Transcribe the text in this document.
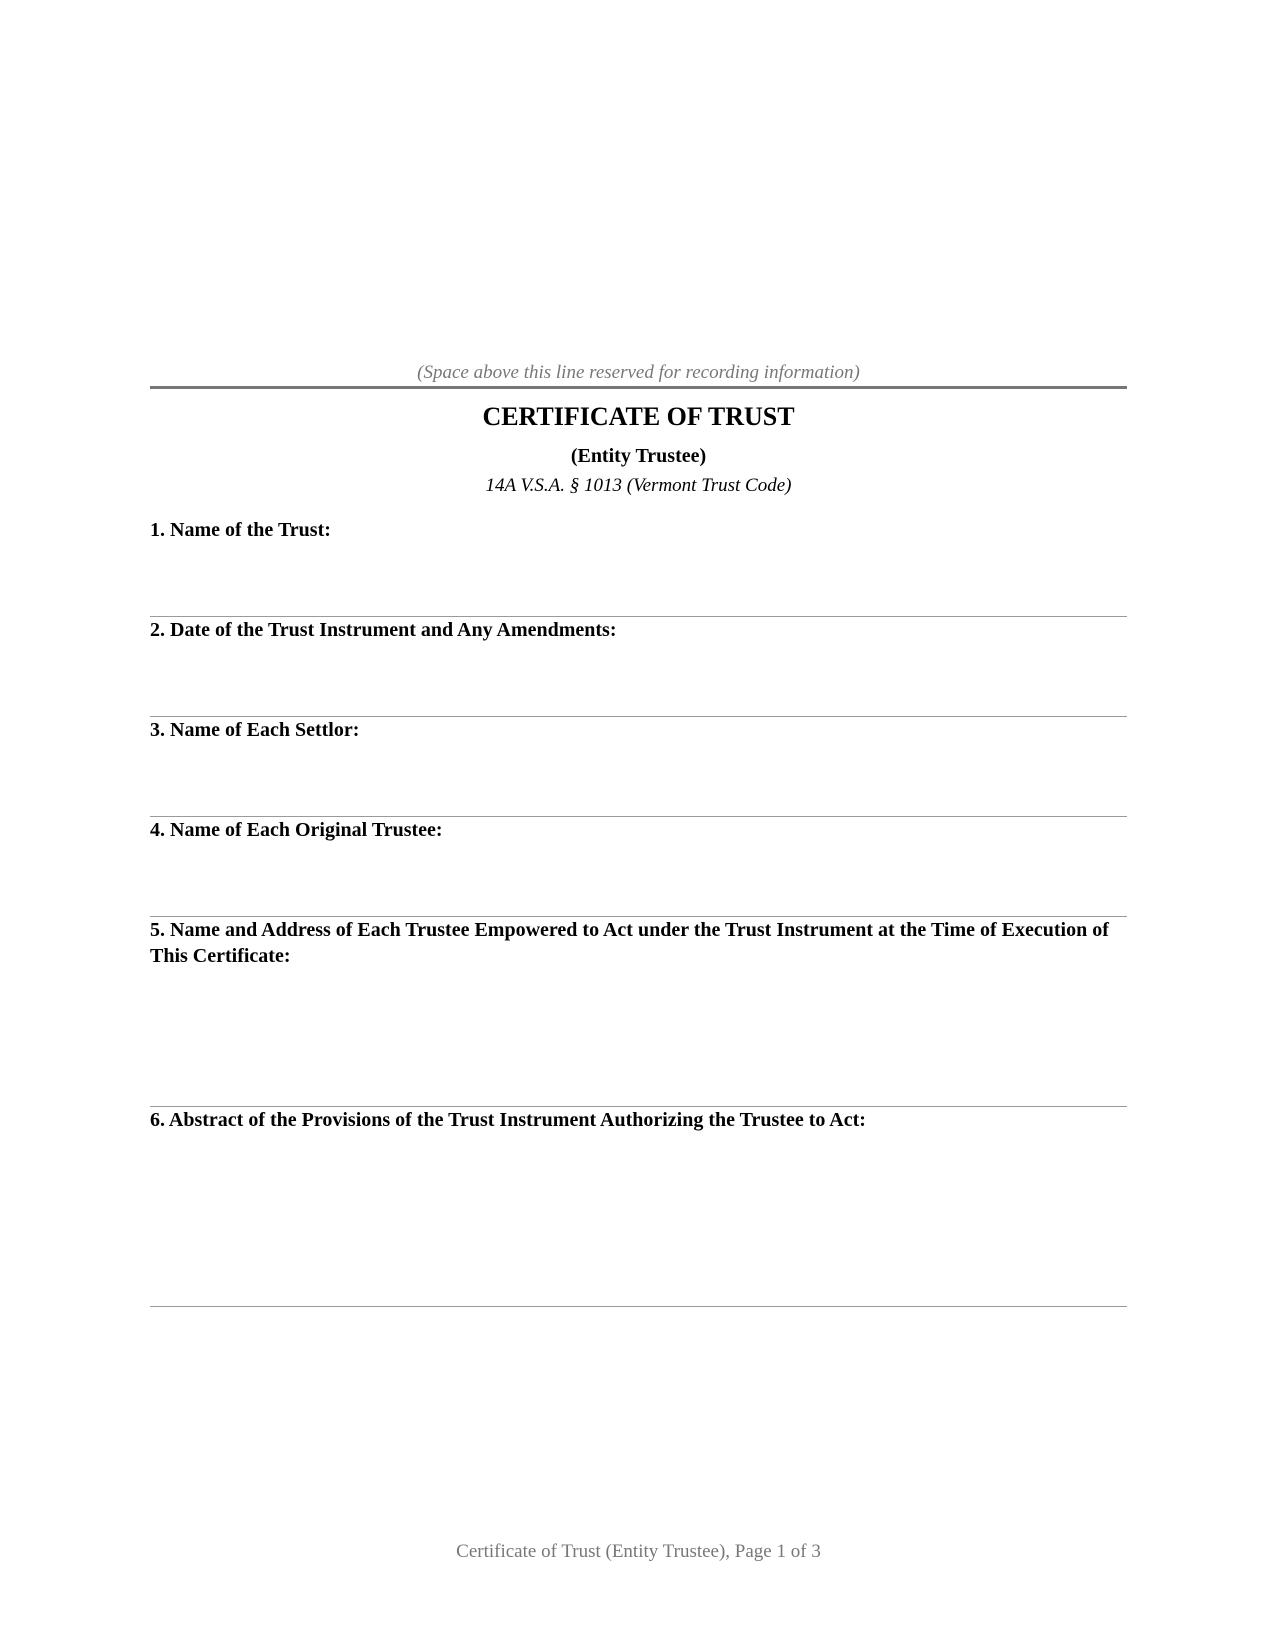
(Space above this line reserved for recording information)
CERTIFICATE OF TRUST
(Entity Trustee)
14A V.S.A. § 1013 (Vermont Trust Code)
1. Name of the Trust:
2. Date of the Trust Instrument and Any Amendments:
3. Name of Each Settlor:
4. Name of Each Original Trustee:
5. Name and Address of Each Trustee Empowered to Act under the Trust Instrument at the Time of Execution of This Certificate:
6. Abstract of the Provisions of the Trust Instrument Authorizing the Trustee to Act:
Certificate of Trust (Entity Trustee), Page 1 of 3
